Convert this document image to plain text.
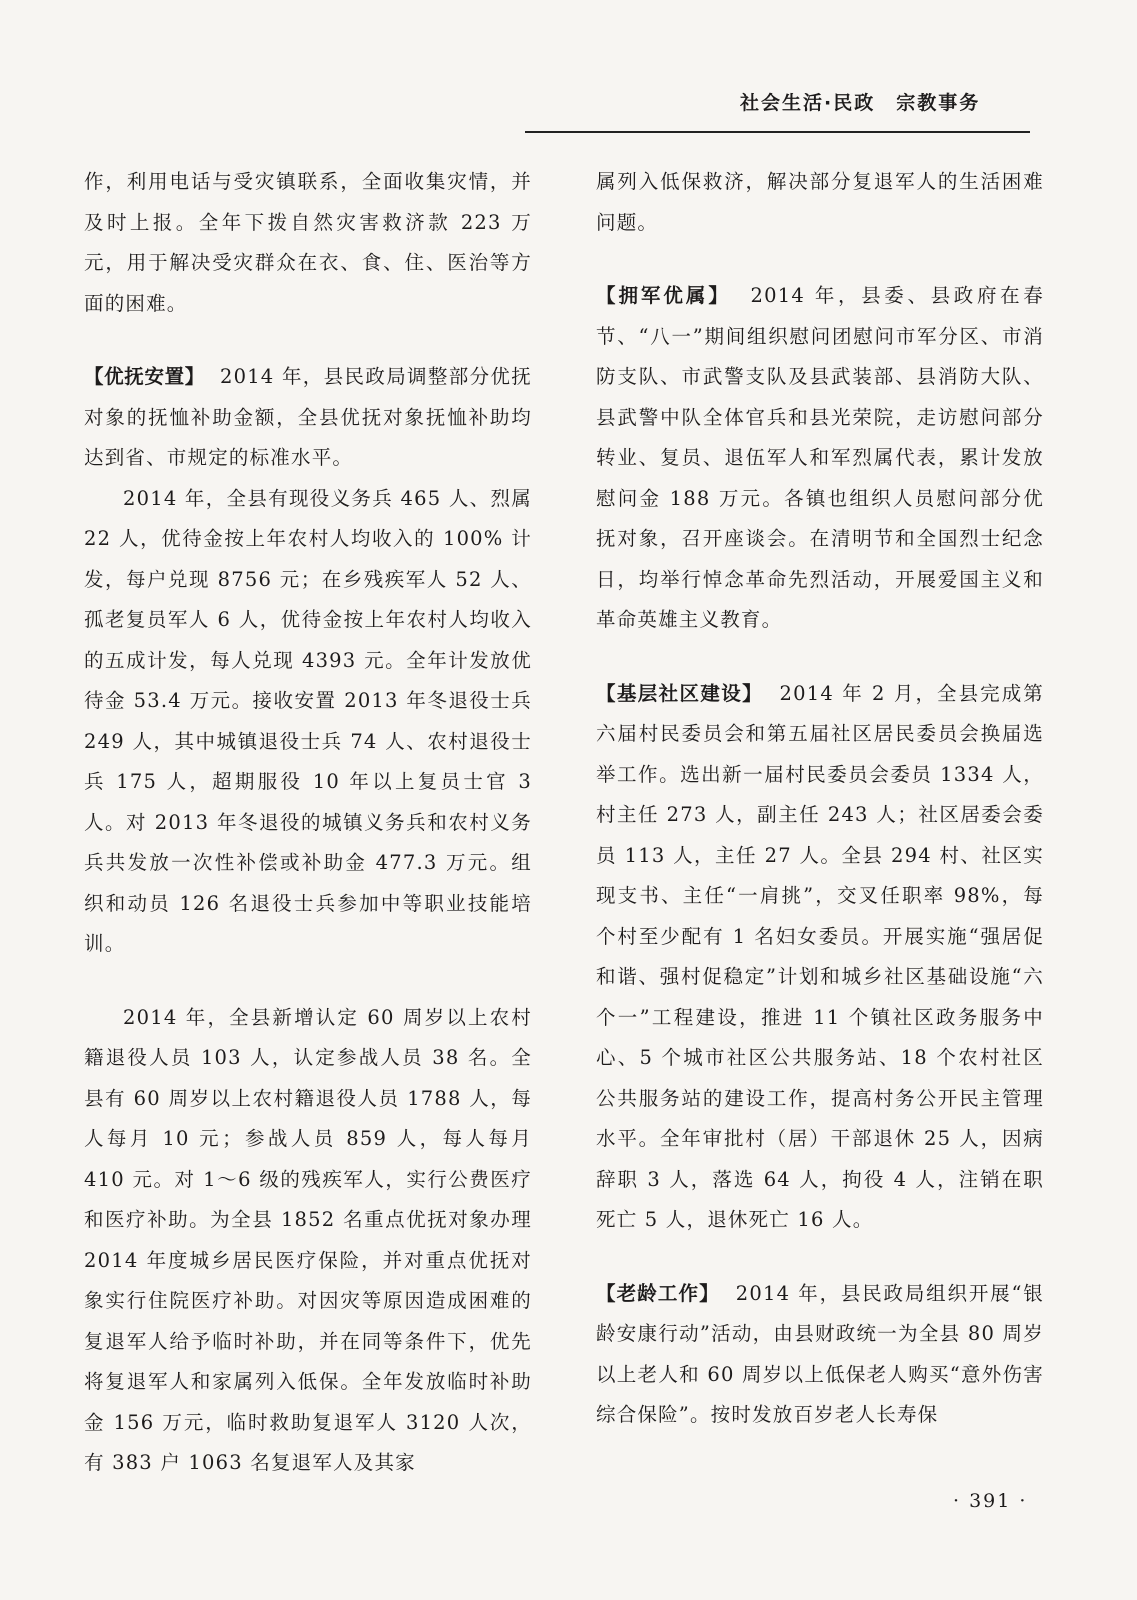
社会生活·民政　宗教事务

作，利用电话与受灾镇联系，全面收集灾情，并及时上报。全年下拨自然灾害救济款 223 万元，用于解决受灾群众在衣、食、住、医治等方面的困难。

【优抚安置】 2014 年，县民政局调整部分优抚对象的抚恤补助金额，全县优抚对象抚恤补助均达到省、市规定的标准水平。

2014 年，全县有现役义务兵 465 人、烈属 22 人，优待金按上年农村人均收入的 100% 计发，每户兑现 8756 元；在乡残疾军人 52 人、孤老复员军人 6 人，优待金按上年农村人均收入的五成计发，每人兑现 4393 元。全年计发放优待金 53.4 万元。接收安置 2013 年冬退役士兵 249 人，其中城镇退役士兵 74 人、农村退役士兵 175 人，超期服役 10 年以上复员士官 3 人。对 2013 年冬退役的城镇义务兵和农村义务兵共发放一次性补偿或补助金 477.3 万元。组织和动员 126 名退役士兵参加中等职业技能培训。

2014 年，全县新增认定 60 周岁以上农村籍退役人员 103 人，认定参战人员 38 名。全县有 60 周岁以上农村籍退役人员 1788 人，每人每月 10 元；参战人员 859 人，每人每月 410 元。对 1～6 级的残疾军人，实行公费医疗和医疗补助。为全县 1852 名重点优抚对象办理 2014 年度城乡居民医疗保险，并对重点优抚对象实行住院医疗补助。对因灾等原因造成困难的复退军人给予临时补助，并在同等条件下，优先将复退军人和家属列入低保。全年发放临时补助金 156 万元，临时救助复退军人 3120 人次，有 383 户 1063 名复退军人及其家

属列入低保救济，解决部分复退军人的生活困难问题。

【拥军优属】 2014 年，县委、县政府在春节、“八一”期间组织慰问团慰问市军分区、市消防支队、市武警支队及县武装部、县消防大队、县武警中队全体官兵和县光荣院，走访慰问部分转业、复员、退伍军人和军烈属代表，累计发放慰问金 188 万元。各镇也组织人员慰问部分优抚对象，召开座谈会。在清明节和全国烈士纪念日，均举行悼念革命先烈活动，开展爱国主义和革命英雄主义教育。

【基层社区建设】 2014 年 2 月，全县完成第六届村民委员会和第五届社区居民委员会换届选举工作。选出新一届村民委员会委员 1334 人，村主任 273 人，副主任 243 人；社区居委会委员 113 人，主任 27 人。全县 294 村、社区实现支书、主任“一肩挑”，交叉任职率 98%，每个村至少配有 1 名妇女委员。开展实施“强居促和谐、强村促稳定”计划和城乡社区基础设施“六个一”工程建设，推进 11 个镇社区政务服务中心、5 个城市社区公共服务站、18 个农村社区公共服务站的建设工作，提高村务公开民主管理水平。全年审批村（居）干部退休 25 人，因病辞职 3 人，落选 64 人，拘役 4 人，注销在职死亡 5 人，退休死亡 16 人。

【老龄工作】 2014 年，县民政局组织开展“银龄安康行动”活动，由县财政统一为全县 80 周岁以上老人和 60 周岁以上低保老人购买“意外伤害综合保险”。按时发放百岁老人长寿保

· 391 ·
